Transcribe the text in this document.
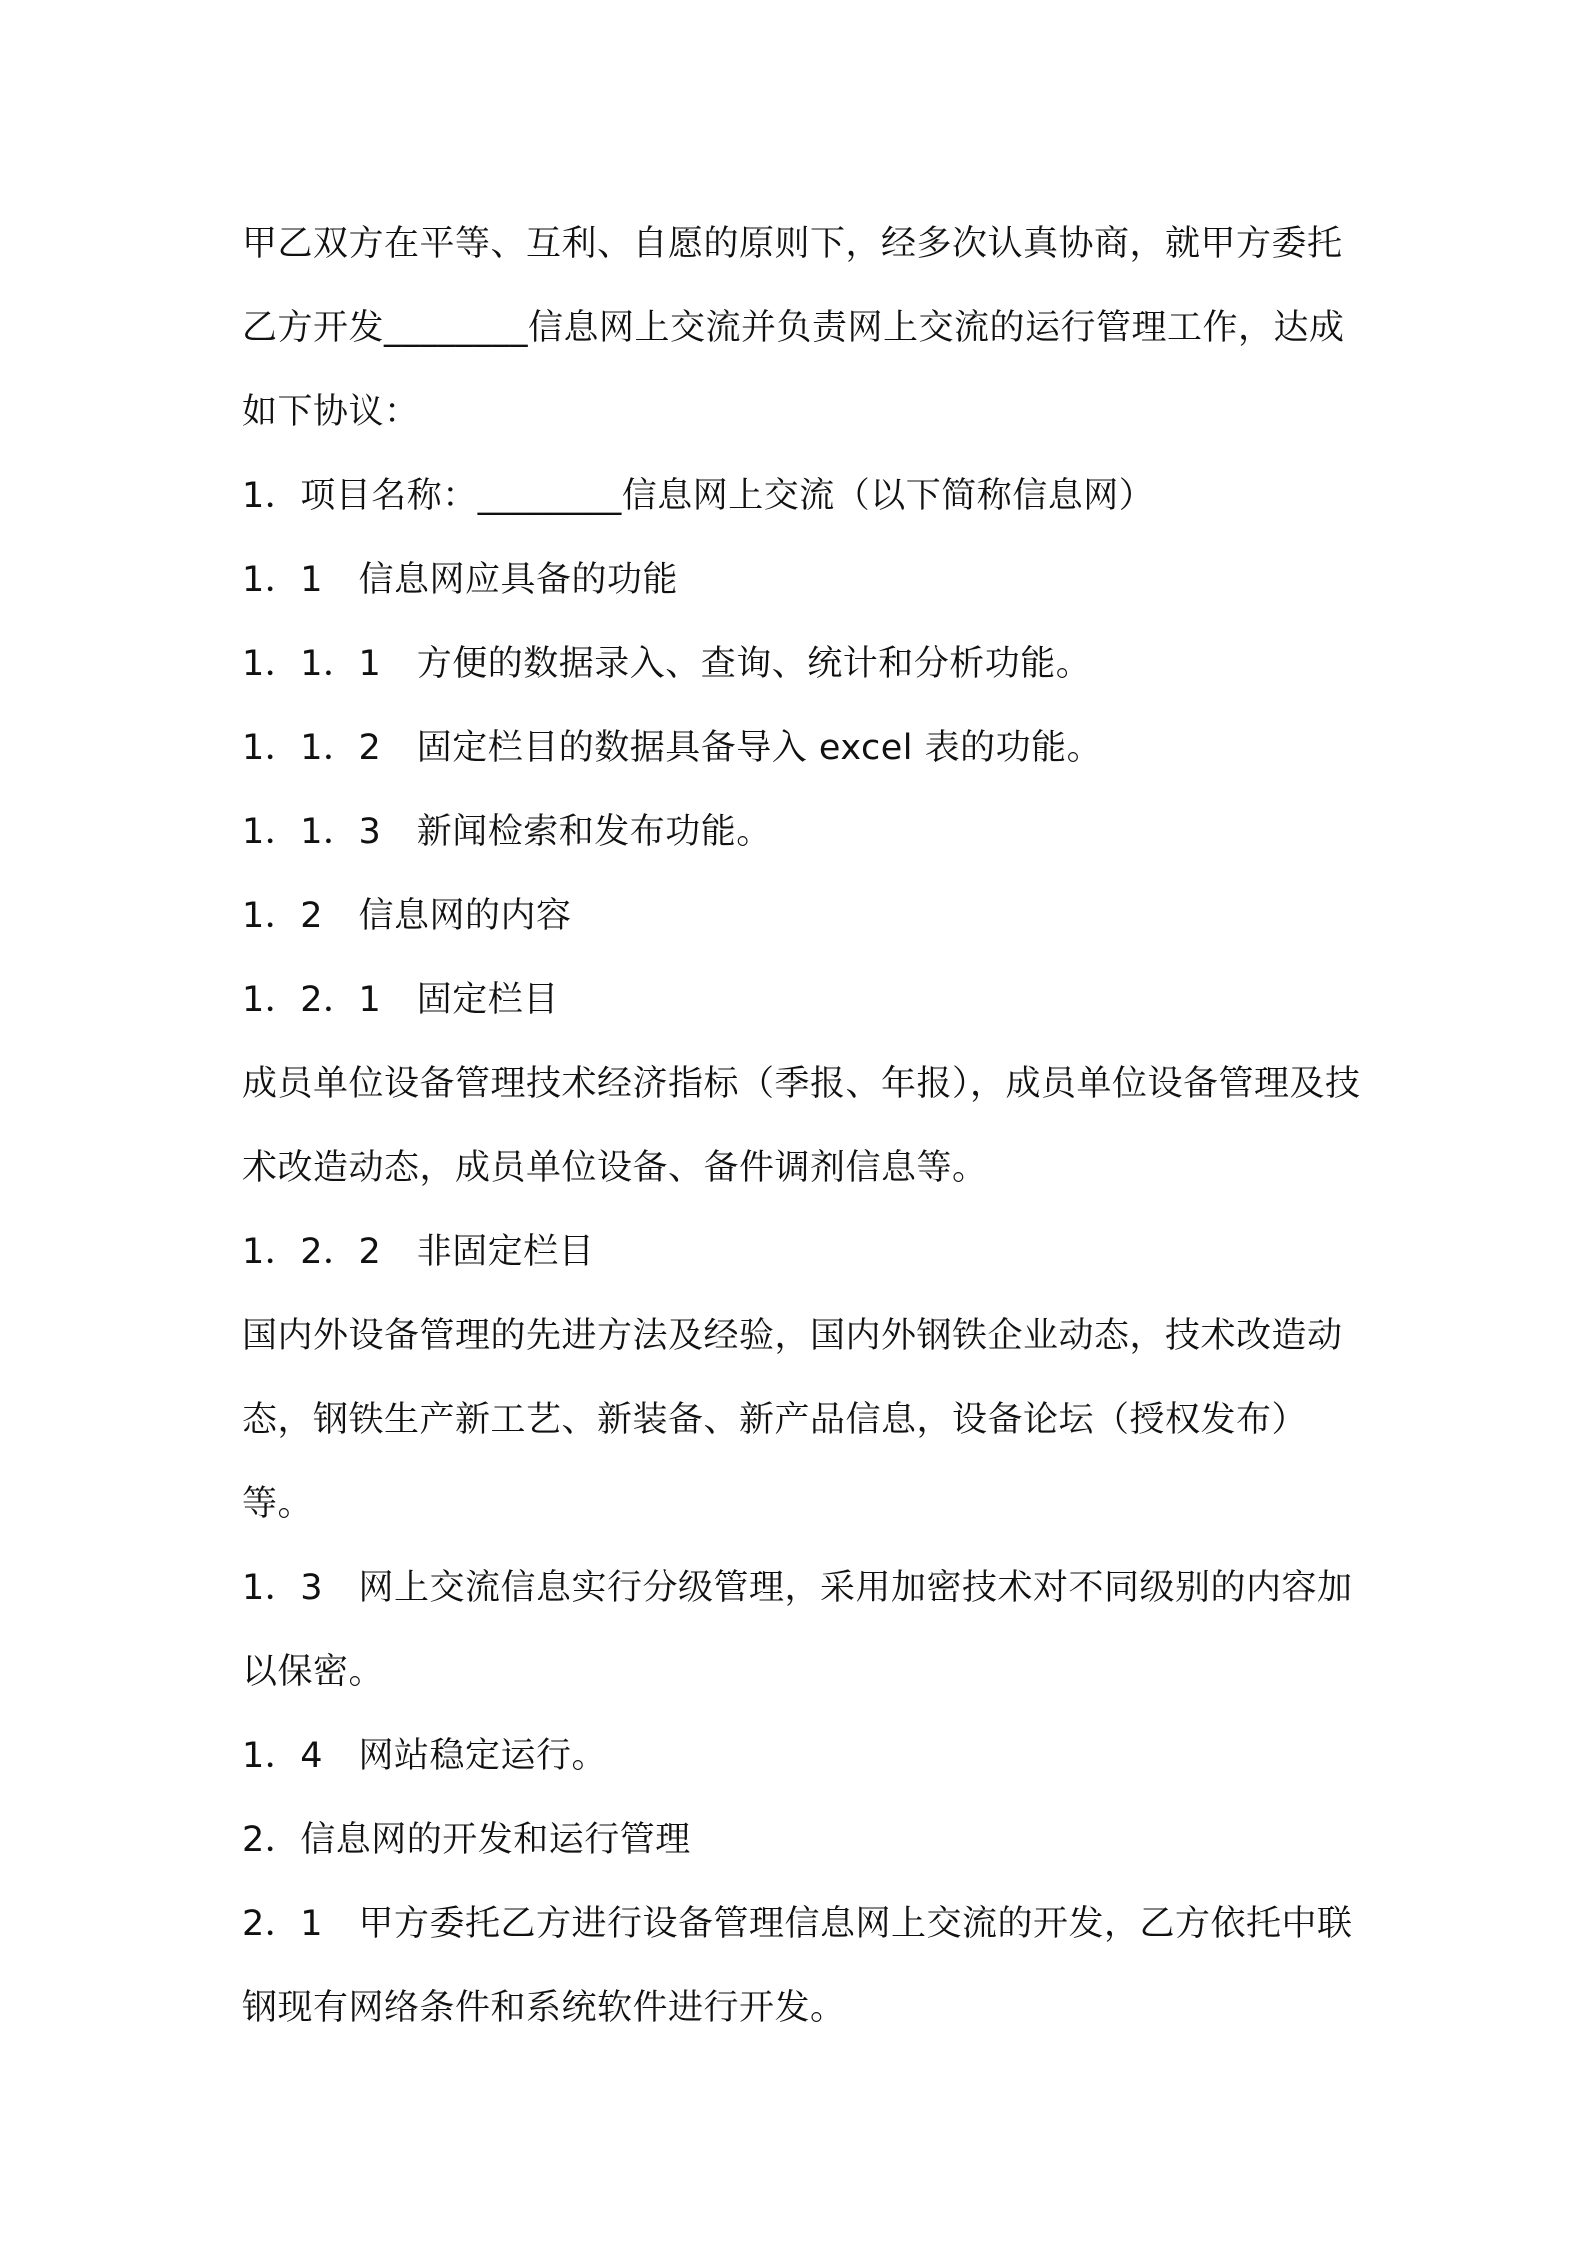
甲乙双方在平等、互利、自愿的原则下，经多次认真协商，就甲方委托乙方开发________信息网上交流并负责网上交流的运行管理工作，达成如下协议：

1．项目名称：________信息网上交流（以下简称信息网）

1．1　信息网应具备的功能

1．1．1　方便的数据录入、查询、统计和分析功能。

1．1．2　固定栏目的数据具备导入 excel 表的功能。

1．1．3　新闻检索和发布功能。

1．2　信息网的内容

1．2．1　固定栏目

成员单位设备管理技术经济指标（季报、年报），成员单位设备管理及技术改造动态，成员单位设备、备件调剂信息等。

1．2．2　非固定栏目

国内外设备管理的先进方法及经验，国内外钢铁企业动态，技术改造动态，钢铁生产新工艺、新装备、新产品信息，设备论坛（授权发布）等。

1．3　网上交流信息实行分级管理，采用加密技术对不同级别的内容加以保密。

1．4　网站稳定运行。

2．信息网的开发和运行管理

2．1　甲方委托乙方进行设备管理信息网上交流的开发，乙方依托中联钢现有网络条件和系统软件进行开发。
